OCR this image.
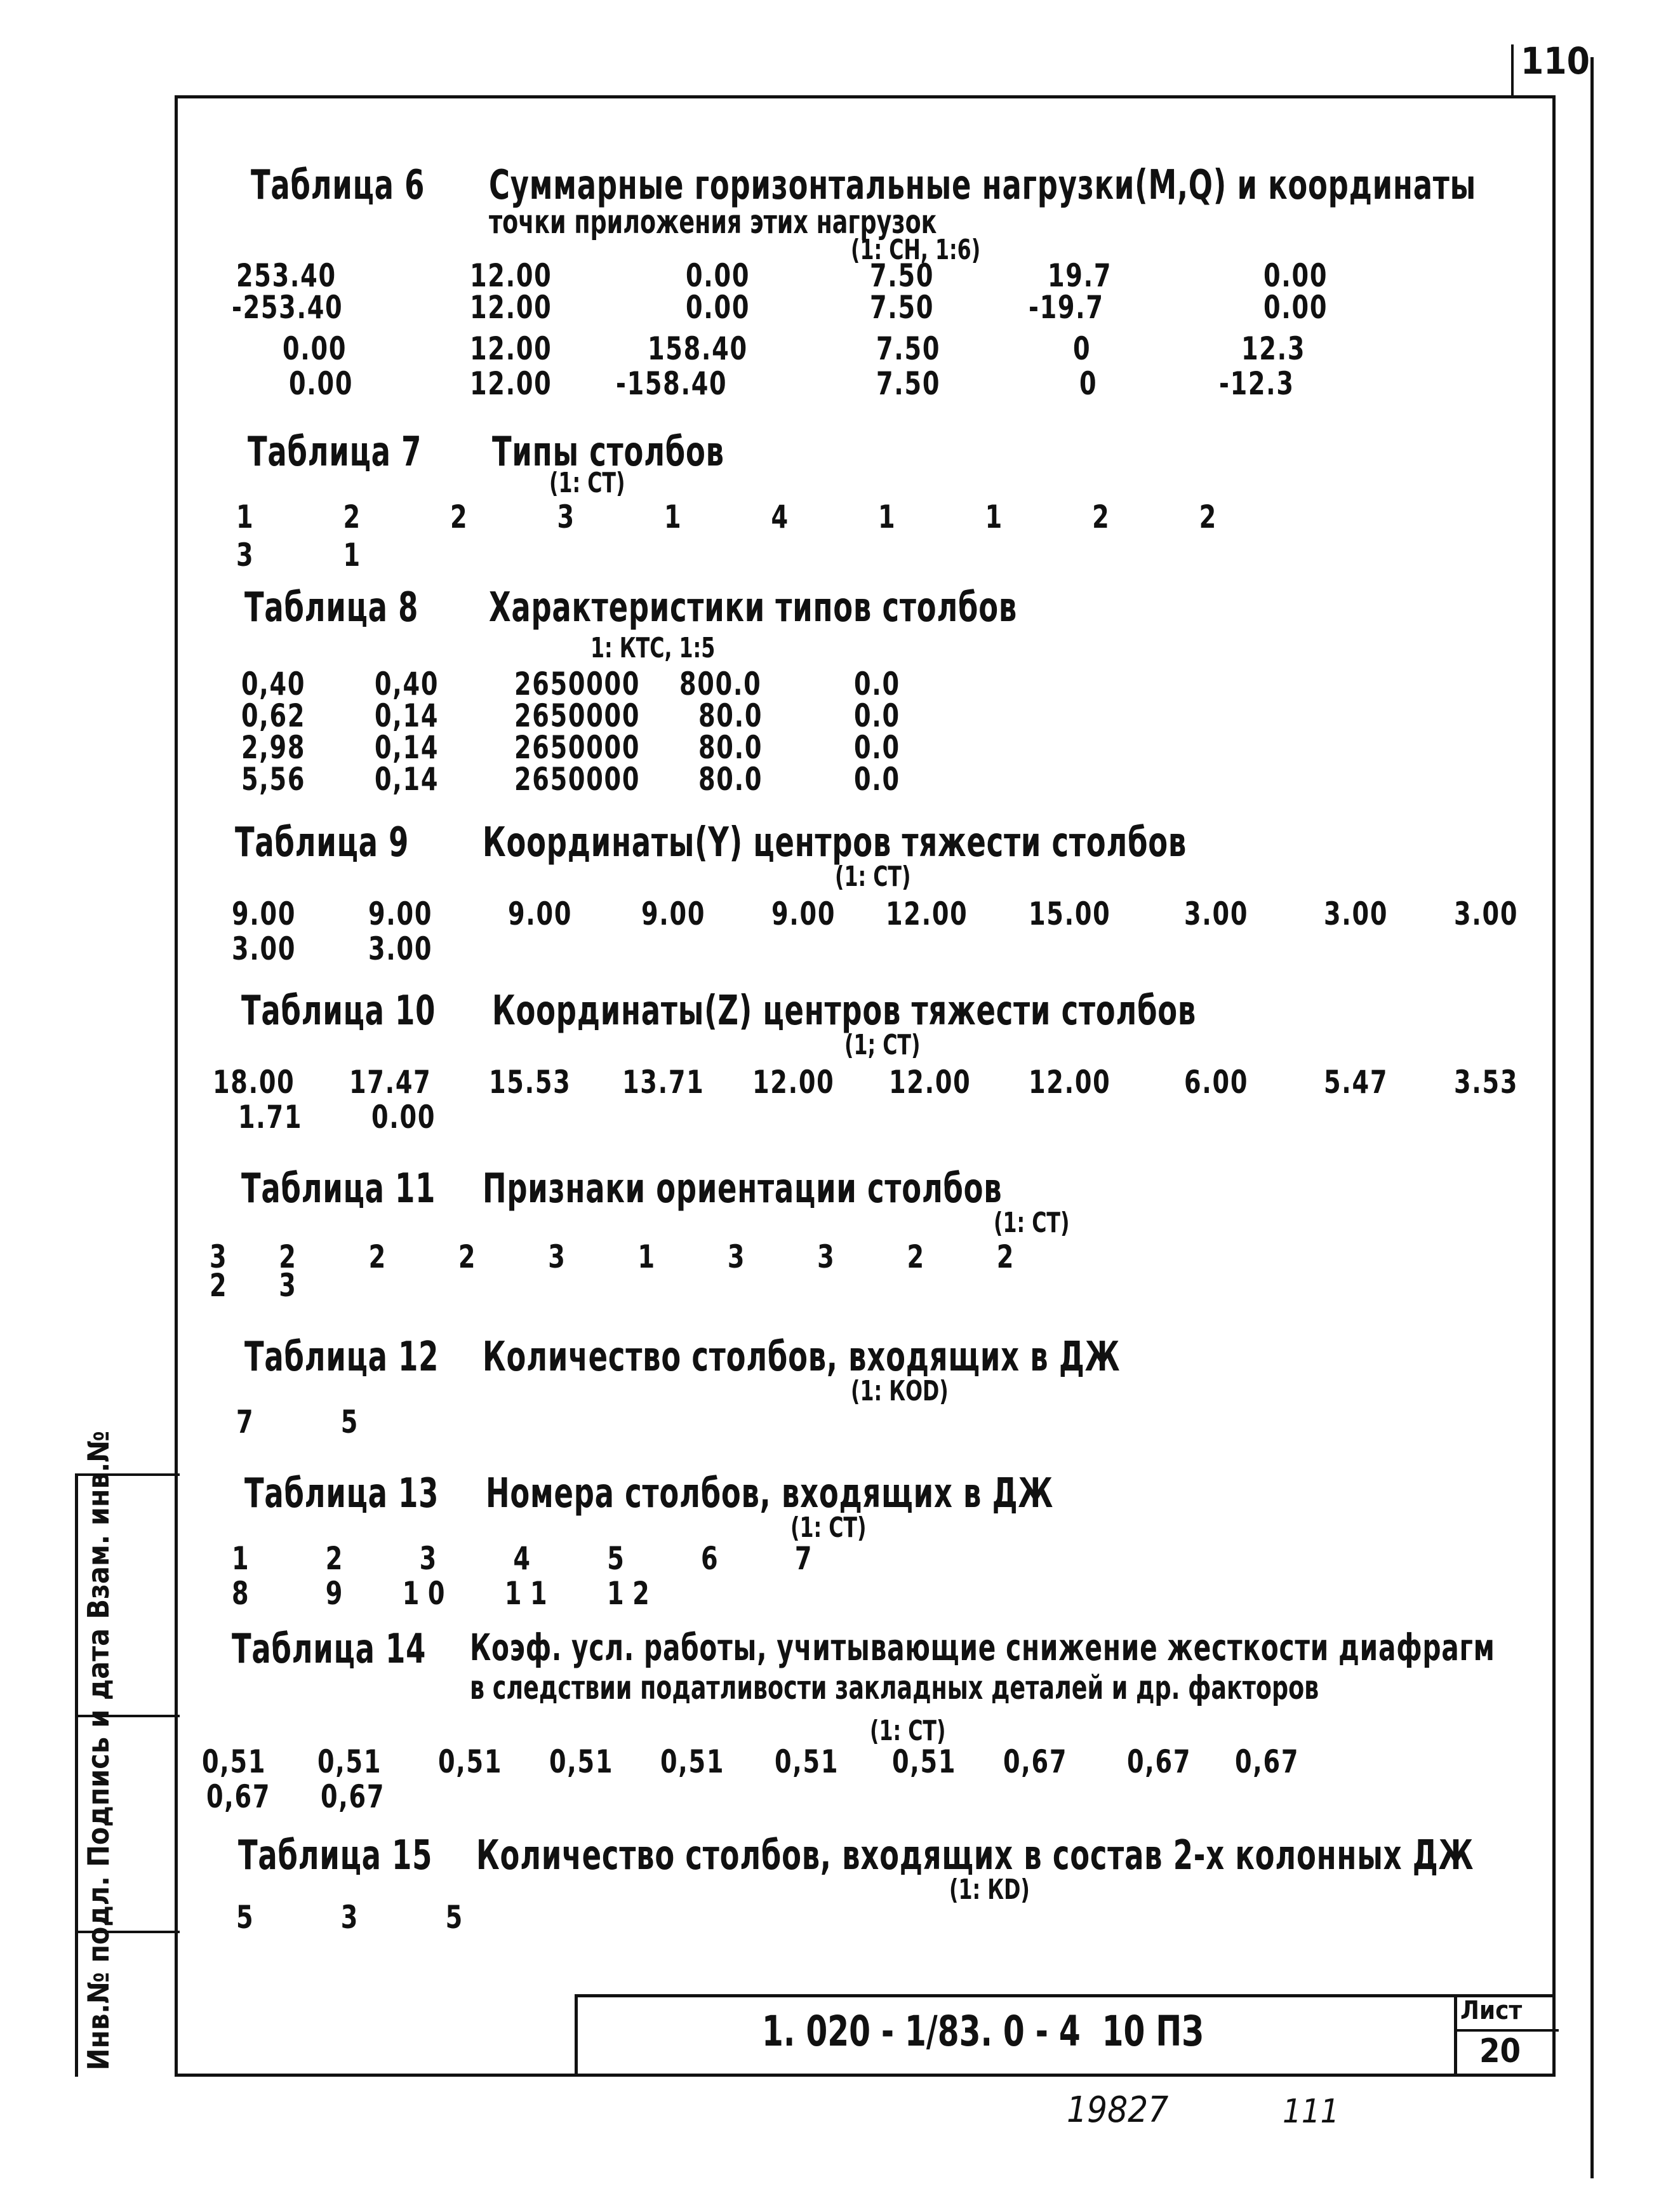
110
Таблица 6 Суммарные горизонтальные нагрузки(M,Q) и координаты
точки приложения этих нагрузок
(1: СН, 1:6)
253.40	12.00	0.00	7.50	19.7	0.00
-253.40	12.00	0.00	7.50	-19.7	0.00
0.00	12.00	158.40	7.50	0	12.3
0.00	12.00 -158.40	7.50	0	-12.3
Таблица 7 Типы столбов
(1: СТ)
1   2   2   3   1   4   1   1   2   2
3   1
Таблица 8 Характеристики типов столбов
1: КТС, 1:5
0,40 0,40 2650000 800.0	0.0
0,62 0,14 2650000 80.0	0.0
2,98 0,14 2650000 80.0	0.0
5,56 0,14 2650000 80.0	0.0
Таблица 9 Координаты(Y) центров тяжести столбов
(1: СТ)
9.00 9.00 9.00 9.00 9.00 12.00 15.00 3.00 3.00 3.00
3.00 3.00
Таблица 10 Координаты(Z) центров тяжести столбов
(1; СТ)
18.00 17.47 15.53 13.71 12.00 12.00 12.00 6.00 5.47 3.53
1.71 0.00
Таблица 11 Признаки ориентации столбов
(1: СТ)
3  2   2   2   3   1   3   3   2   2
2  3
Таблица 12 Количество столбов, входящих в ДЖ
(1: КОD)
7    5
Таблица 13 Номера столбов, входящих в ДЖ
(1: СТ)
1    2    3    4    5    6    7
8    9   10   11   12
Таблица 14 Коэф. усл. работы, учитывающие снижение жесткости диафрагм
в следствии податливости закладных деталей и др. факторов
(1: СТ)
0,51 0,51 0,51 0,51 0,51 0,51 0,51 0,67 0,67 0,67
0,67 0,67
Таблица 15 Количество столбов, входящих в состав 2-х колонных ДЖ
(1: КD)
5    3    5
Инв.№ подл. Подпись и дата Взам. инв.№	1. 020 - 1/83. 0 - 4  10 ПЗ	Лист
20
19827	111
